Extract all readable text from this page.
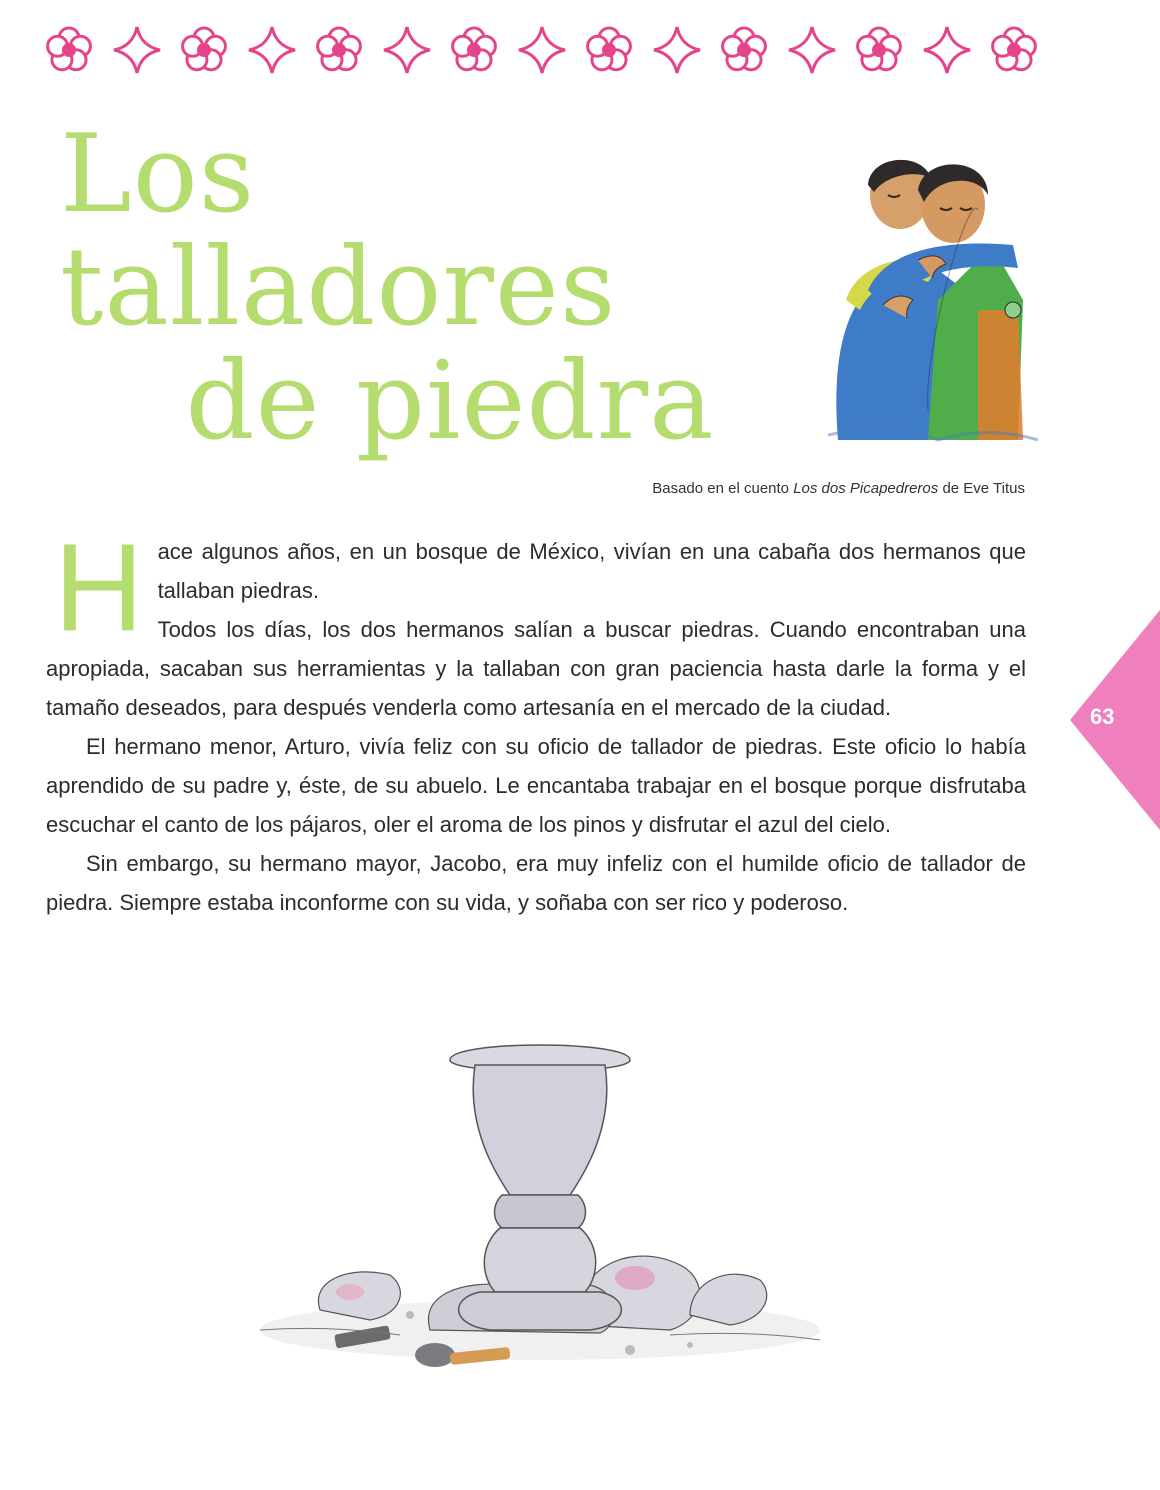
Los talladores
de piedra
Basado en el cuento Los dos Picapedreros de Eve Titus

Hace algunos años, en un bosque de México, vivían en una cabaña dos hermanos que tallaban piedras.

Todos los días, los dos hermanos salían a buscar piedras. Cuando encontraban una apropiada, sacaban sus herramientas y la tallaban con gran paciencia hasta darle la forma y el tamaño deseados, para después venderla como artesanía en el mercado de la ciudad.

El hermano menor, Arturo, vivía feliz con su oficio de tallador de piedras. Este oficio lo había aprendido de su padre y, éste, de su abuelo. Le encantaba trabajar en el bosque porque disfrutaba escuchar el canto de los pájaros, oler el aroma de los pinos y disfrutar el azul del cielo.

Sin embargo, su hermano mayor, Jacobo, era muy infeliz con el humilde oficio de tallador de piedra. Siempre estaba inconforme con su vida, y soñaba con ser rico y poderoso.

63
